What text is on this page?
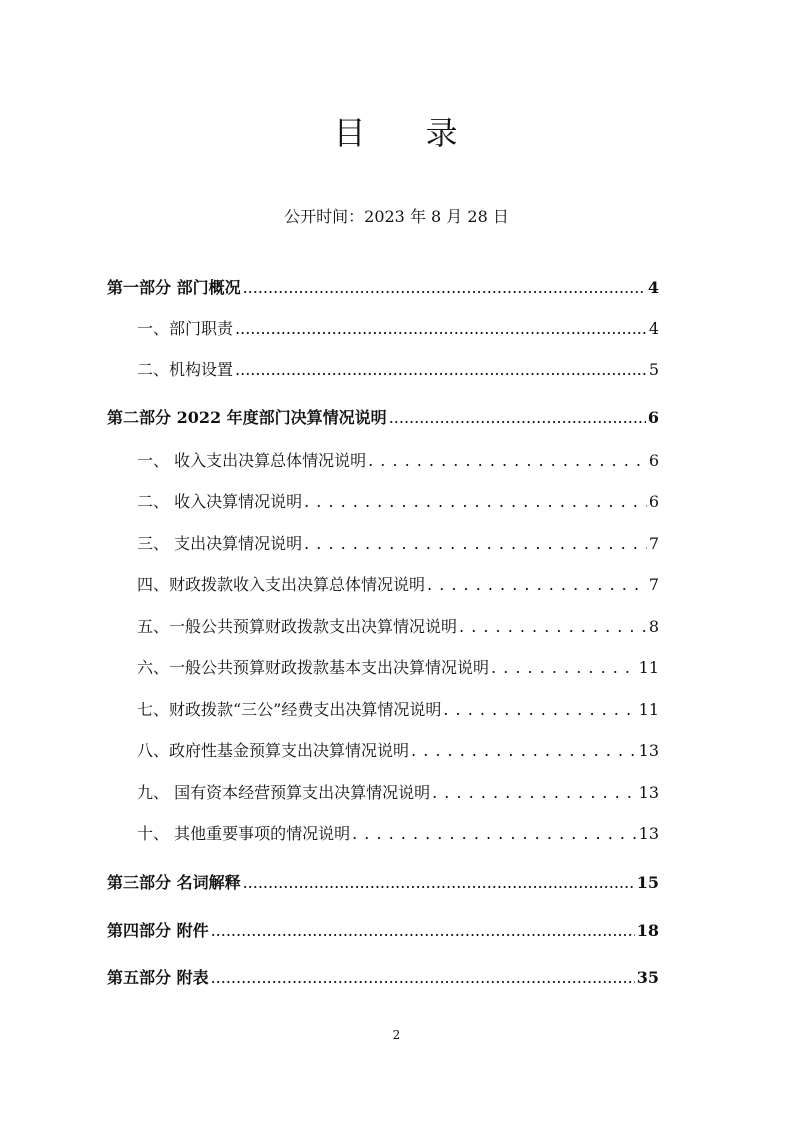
目 录
公开时间：2023 年 8 月 28 日
第一部分 部门概况 .....	4
一、部门职责 .....	4
二、机构设置 .....	5
第二部分 2022 年度部门决算情况说明 .....	6
一、 收入支出决算总体情况说明 . . .	6
二、 收入决算情况说明 . . .	6
三、 支出决算情况说明 . . .	7
四、财政拨款收入支出决算总体情况说明 . . .	7
五、一般公共预算财政拨款支出决算情况说明 . . .	8
六、一般公共预算财政拨款基本支出决算情况说明 . . .	11
七、财政拨款“三公”经费支出决算情况说明 . . .	11
八、政府性基金预算支出决算情况说明 . . .	13
九、 国有资本经营预算支出决算情况说明 . . .	13
十、 其他重要事项的情况说明 . . .	13
第三部分 名词解释 .....	15
第四部分 附件 .....	18
第五部分 附表 .....	35
2
